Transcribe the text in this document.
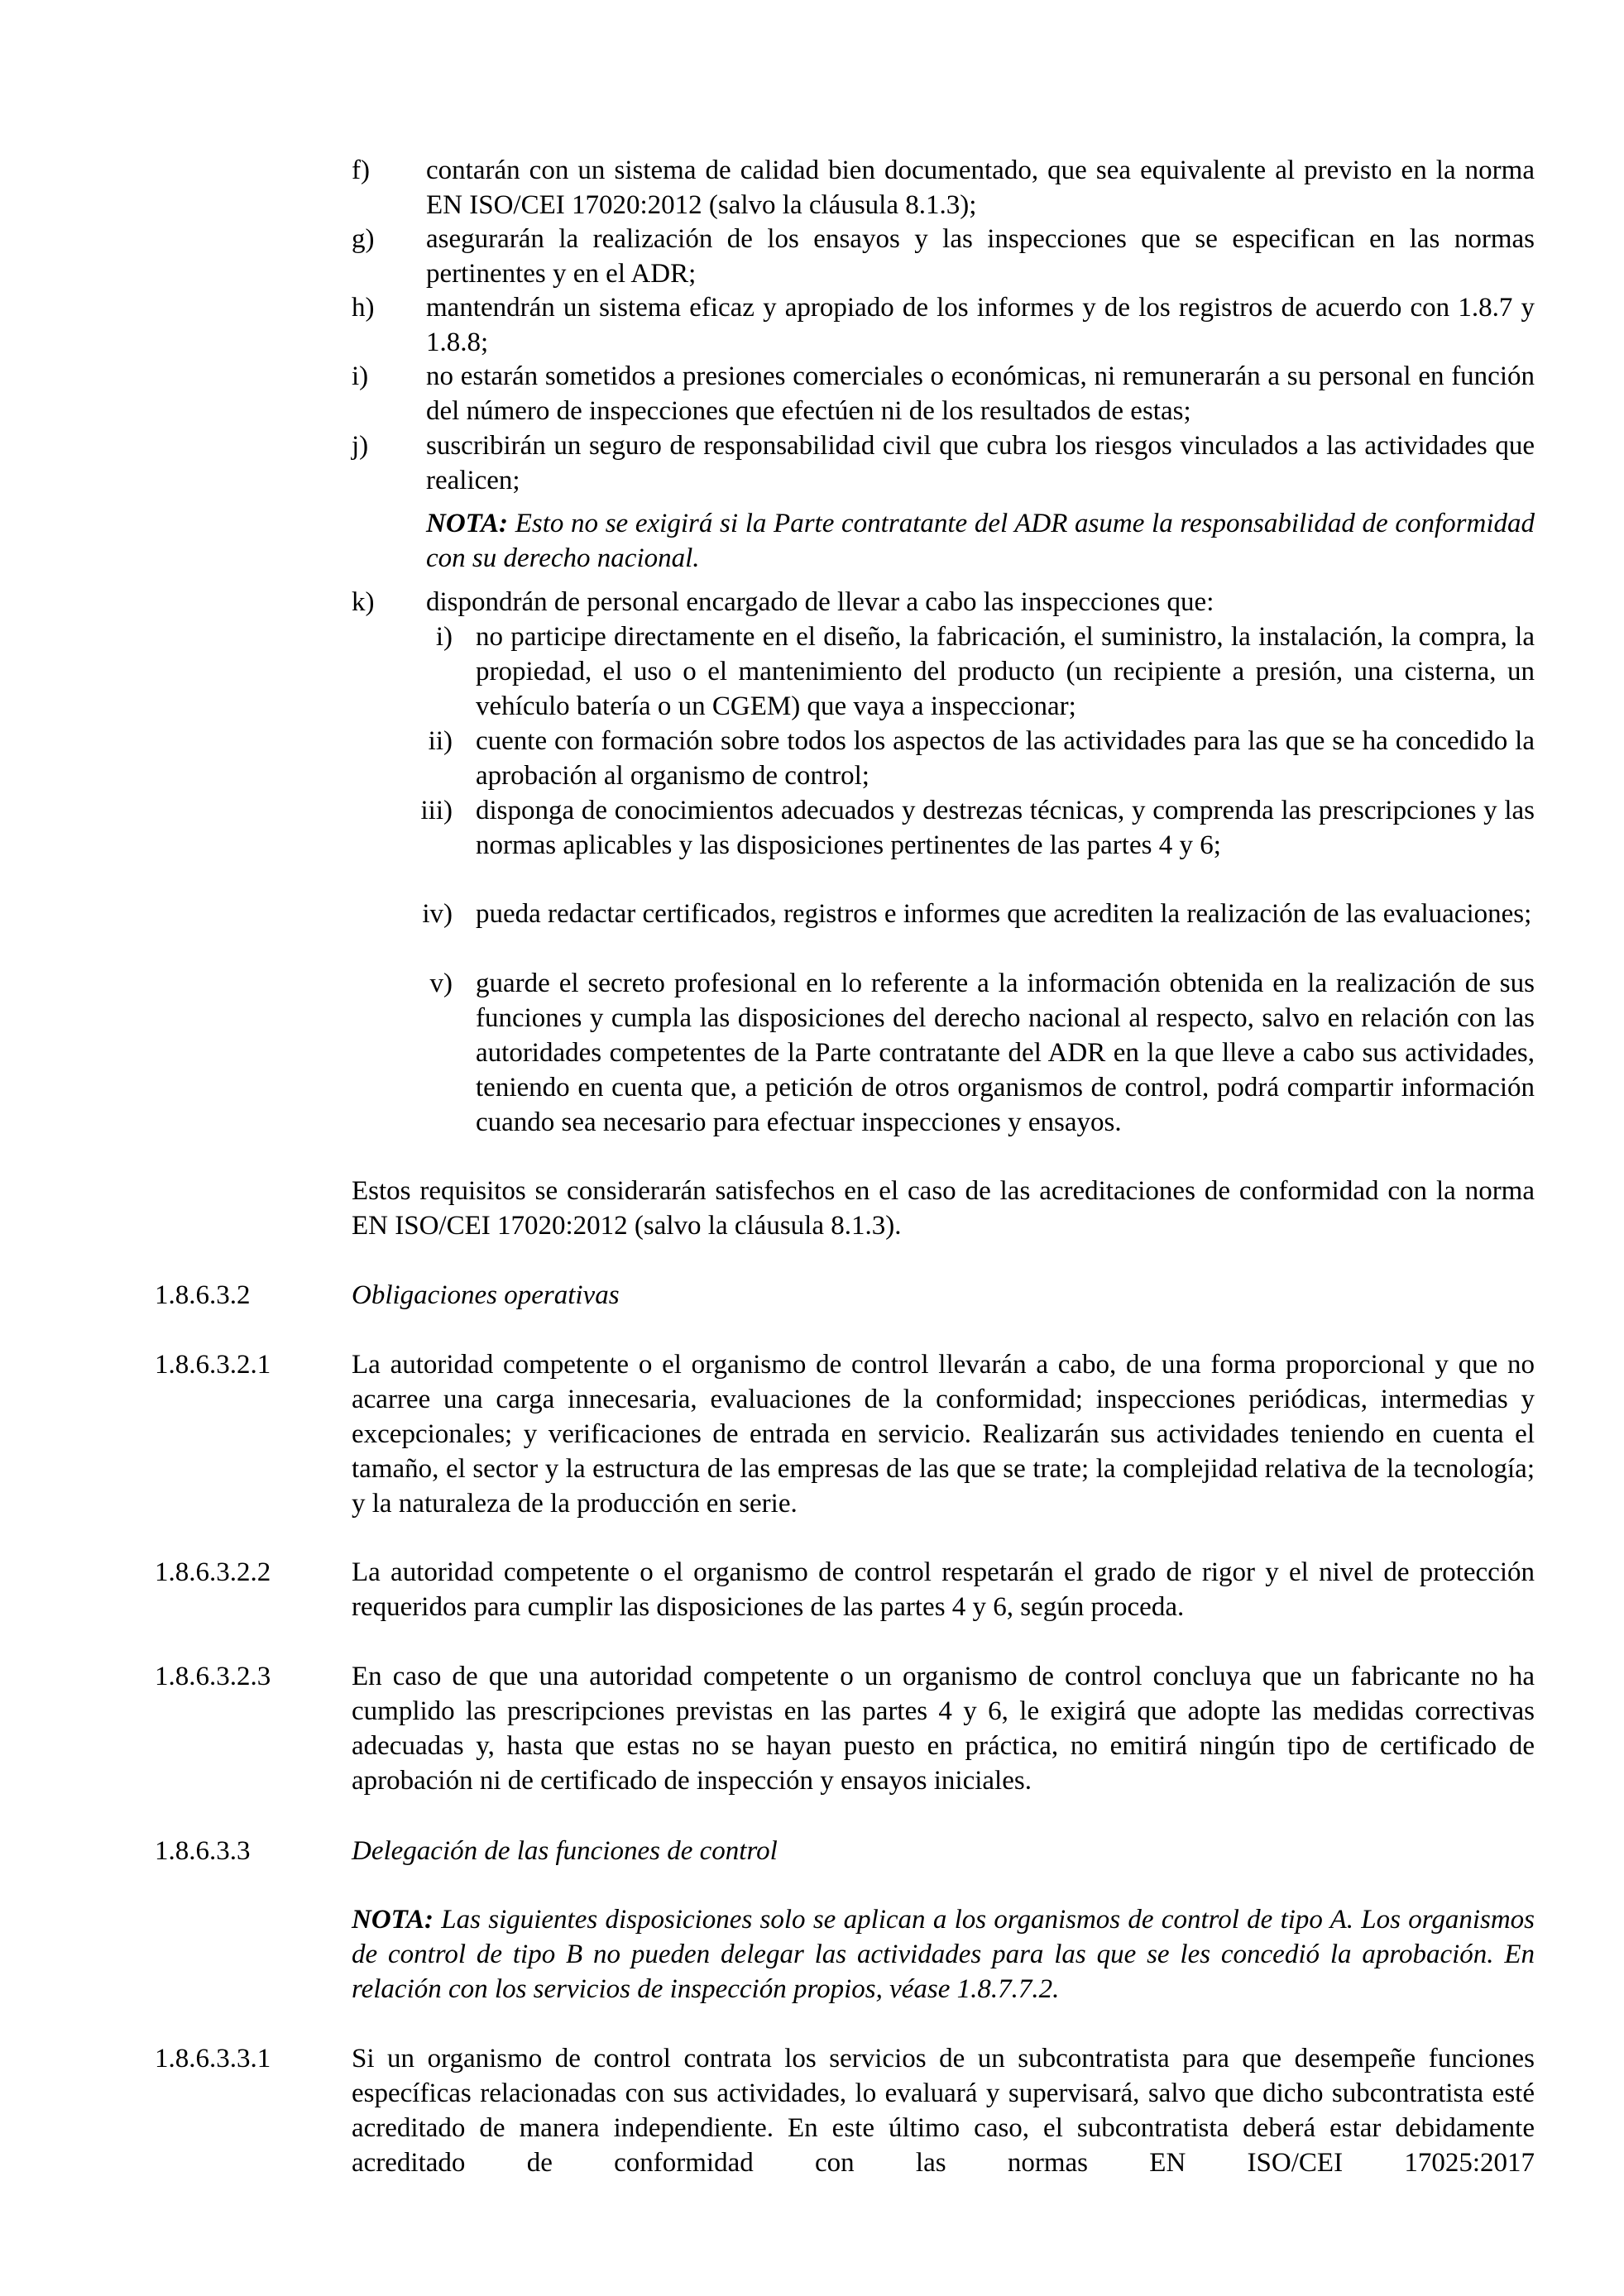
f) contarán con un sistema de calidad bien documentado, que sea equivalente al previsto en la norma EN ISO/CEI 17020:2012 (salvo la cláusula 8.1.3);
g) asegurarán la realización de los ensayos y las inspecciones que se especifican en las normas pertinentes y en el ADR;
h) mantendrán un sistema eficaz y apropiado de los informes y de los registros de acuerdo con 1.8.7 y 1.8.8;
i) no estarán sometidos a presiones comerciales o económicas, ni remunerarán a su personal en función del número de inspecciones que efectúen ni de los resultados de estas;
j) suscribirán un seguro de responsabilidad civil que cubra los riesgos vinculados a las actividades que realicen;
NOTA: Esto no se exigirá si la Parte contratante del ADR asume la responsabilidad de conformidad con su derecho nacional.
k) dispondrán de personal encargado de llevar a cabo las inspecciones que:
i) no participe directamente en el diseño, la fabricación, el suministro, la instalación, la compra, la propiedad, el uso o el mantenimiento del producto (un recipiente a presión, una cisterna, un vehículo batería o un CGEM) que vaya a inspeccionar;
ii) cuente con formación sobre todos los aspectos de las actividades para las que se ha concedido la aprobación al organismo de control;
iii) disponga de conocimientos adecuados y destrezas técnicas, y comprenda las prescripciones y las normas aplicables y las disposiciones pertinentes de las partes 4 y 6;
iv) pueda redactar certificados, registros e informes que acrediten la realización de las evaluaciones;
v) guarde el secreto profesional en lo referente a la información obtenida en la realización de sus funciones y cumpla las disposiciones del derecho nacional al respecto, salvo en relación con las autoridades competentes de la Parte contratante del ADR en la que lleve a cabo sus actividades, teniendo en cuenta que, a petición de otros organismos de control, podrá compartir información cuando sea necesario para efectuar inspecciones y ensayos.
Estos requisitos se considerarán satisfechos en el caso de las acreditaciones de conformidad con la norma EN ISO/CEI 17020:2012 (salvo la cláusula 8.1.3).
1.8.6.3.2	Obligaciones operativas
1.8.6.3.2.1	La autoridad competente o el organismo de control llevarán a cabo, de una forma proporcional y que no acarree una carga innecesaria, evaluaciones de la conformidad; inspecciones periódicas, intermedias y excepcionales; y verificaciones de entrada en servicio. Realizarán sus actividades teniendo en cuenta el tamaño, el sector y la estructura de las empresas de las que se trate; la complejidad relativa de la tecnología; y la naturaleza de la producción en serie.
1.8.6.3.2.2	La autoridad competente o el organismo de control respetarán el grado de rigor y el nivel de protección requeridos para cumplir las disposiciones de las partes 4 y 6, según proceda.
1.8.6.3.2.3	En caso de que una autoridad competente o un organismo de control concluya que un fabricante no ha cumplido las prescripciones previstas en las partes 4 y 6, le exigirá que adopte las medidas correctivas adecuadas y, hasta que estas no se hayan puesto en práctica, no emitirá ningún tipo de certificado de aprobación ni de certificado de inspección y ensayos iniciales.
1.8.6.3.3	Delegación de las funciones de control
NOTA: Las siguientes disposiciones solo se aplican a los organismos de control de tipo A. Los organismos de control de tipo B no pueden delegar las actividades para las que se les concedió la aprobación. En relación con los servicios de inspección propios, véase 1.8.7.7.2.
1.8.6.3.3.1	Si un organismo de control contrata los servicios de un subcontratista para que desempeñe funciones específicas relacionadas con sus actividades, lo evaluará y supervisará, salvo que dicho subcontratista esté acreditado de manera independiente. En este último caso, el subcontratista deberá estar debidamente acreditado de conformidad con las normas EN ISO/CEI 17025:2017
